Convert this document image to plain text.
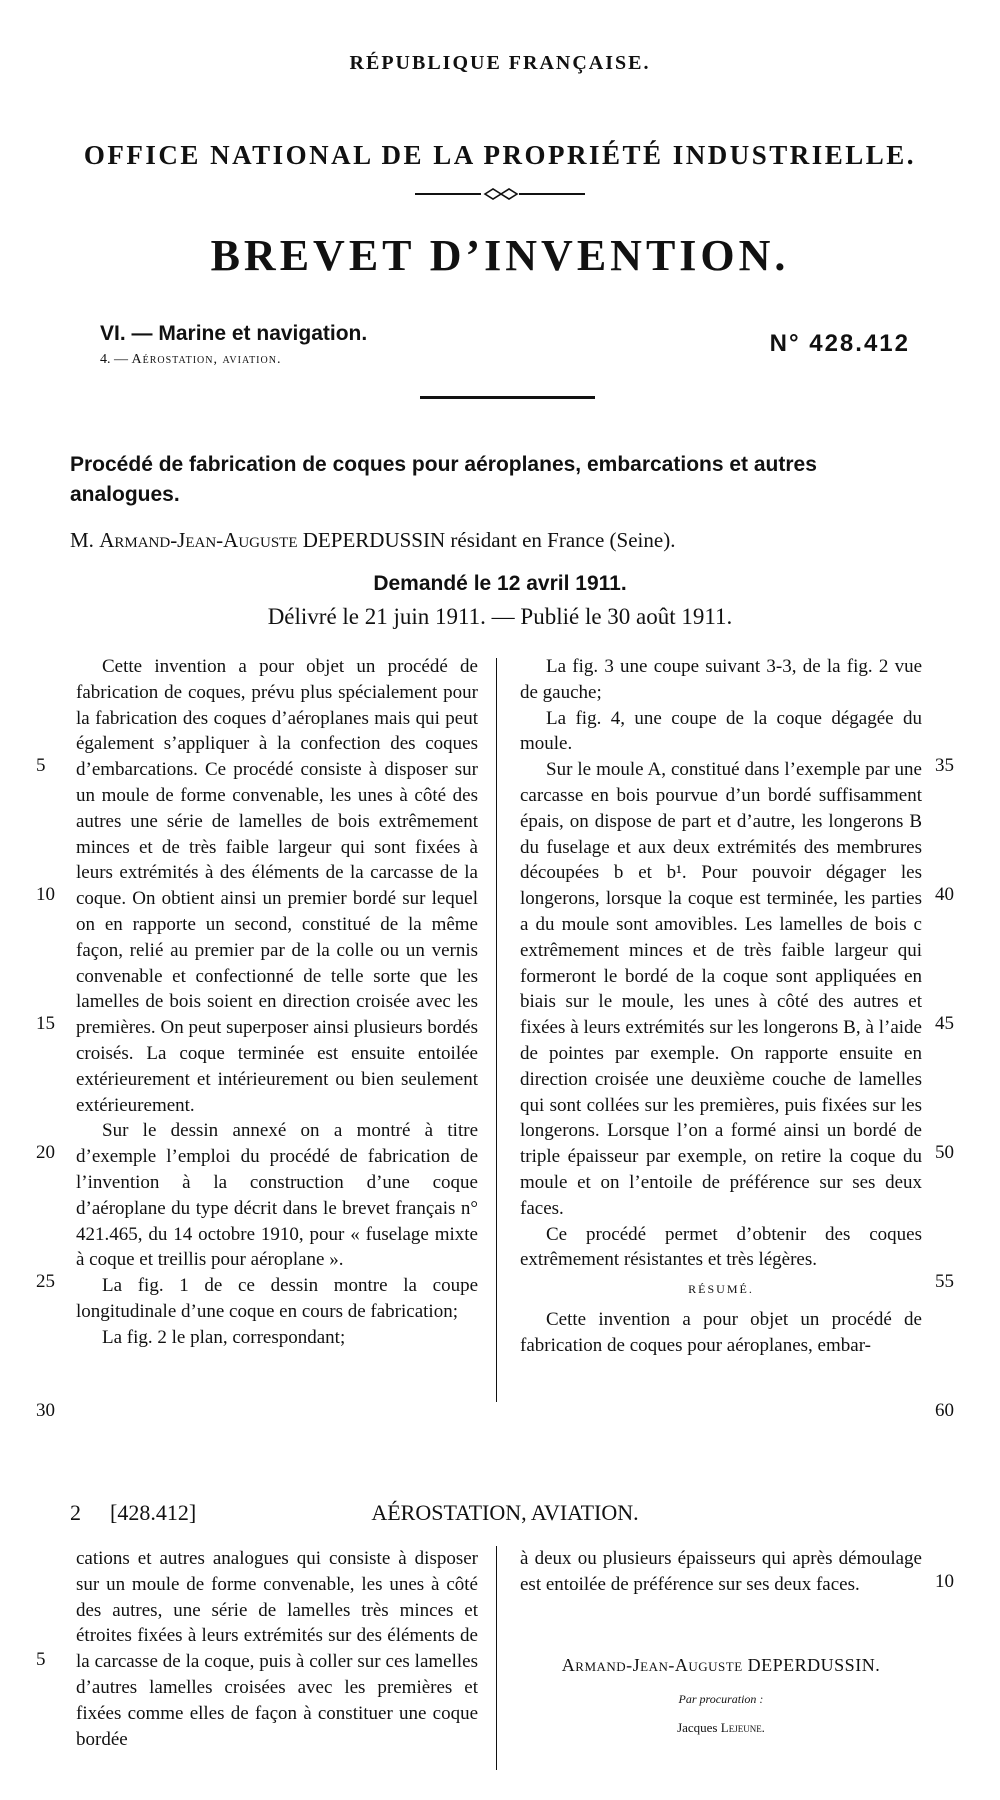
RÉPUBLIQUE FRANÇAISE.
OFFICE NATIONAL DE LA PROPRIÉTÉ INDUSTRIELLE.
BREVET D’INVENTION.
VI. — Marine et navigation.
4. — Aérostation, aviation.
N° 428.412
Procédé de fabrication de coques pour aéroplanes, embarcations et autres analogues.
M. Armand-Jean-Auguste DEPERDUSSIN résidant en France (Seine).
Demandé le 12 avril 1911.
Délivré le 21 juin 1911. — Publié le 30 août 1911.

Cette invention a pour objet un procédé de fabrication de coques, prévu plus spécialement pour la fabrication des coques d’aéroplanes mais qui peut également s’appliquer à la confection des coques d’embarcations. Ce procédé consiste à disposer sur un moule de forme convenable, les unes à côté des autres une série de lamelles de bois extrêmement minces et de très faible largeur qui sont fixées à leurs extrémités à des éléments de la carcasse de la coque. On obtient ainsi un premier bordé sur lequel on en rapporte un second, constitué de la même façon, relié au premier par de la colle ou un vernis convenable et confectionné de telle sorte que les lamelles de bois soient en direction croisée avec les premières. On peut superposer ainsi plusieurs bordés croisés. La coque terminée est ensuite entoilée extérieurement et intérieurement ou bien seulement extérieurement.

Sur le dessin annexé on a montré à titre d’exemple l’emploi du procédé de fabrication de l’invention à la construction d’une coque d’aéroplane du type décrit dans le brevet français n° 421.465, du 14 octobre 1910, pour « fuselage mixte à coque et treillis pour aéroplane ».

La fig. 1 de ce dessin montre la coupe longitudinale d’une coque en cours de fabrication;

La fig. 2 le plan, correspondant;

La fig. 3 une coupe suivant 3-3, de la fig. 2 vue de gauche;

La fig. 4, une coupe de la coque dégagée du moule.

Sur le moule A, constitué dans l’exemple par une carcasse en bois pourvue d’un bordé suffisamment épais, on dispose de part et d’autre, les longerons B du fuselage et aux deux extrémités des membrures découpées b et b¹. Pour pouvoir dégager les longerons, lorsque la coque est terminée, les parties a du moule sont amovibles. Les lamelles de bois c extrêmement minces et de très faible largeur qui formeront le bordé de la coque sont appliquées en biais sur le moule, les unes à côté des autres et fixées à leurs extrémités sur les longerons B, à l’aide de pointes par exemple. On rapporte ensuite en direction croisée une deuxième couche de lamelles qui sont collées sur les premières, puis fixées sur les longerons. Lorsque l’on a formé ainsi un bordé de triple épaisseur par exemple, on retire la coque du moule et on l’entoile de préférence sur ses deux faces.

Ce procédé permet d’obtenir des coques extrêmement résistantes et très légères.

RÉSUMÉ.

Cette invention a pour objet un procédé de fabrication de coques pour aéroplanes, embar-

5
10
15
20
25
30
35
40
45
50
55
60
AÉROSTATION, AVIATION.
2 [428.412]

cations et autres analogues qui consiste à disposer sur un moule de forme convenable, les unes à côté des autres, une série de lamelles très minces et étroites fixées à leurs extrémités sur des éléments de la carcasse de la coque, puis à coller sur ces lamelles d’autres lamelles croisées avec les premières et fixées comme elles de façon à constituer une coque bordée

à deux ou plusieurs épaisseurs qui après démoulage est entoilée de préférence sur ses deux faces.

5
10
Armand-Jean-Auguste DEPERDUSSIN.
Par procuration :
Jacques Lejeune.
